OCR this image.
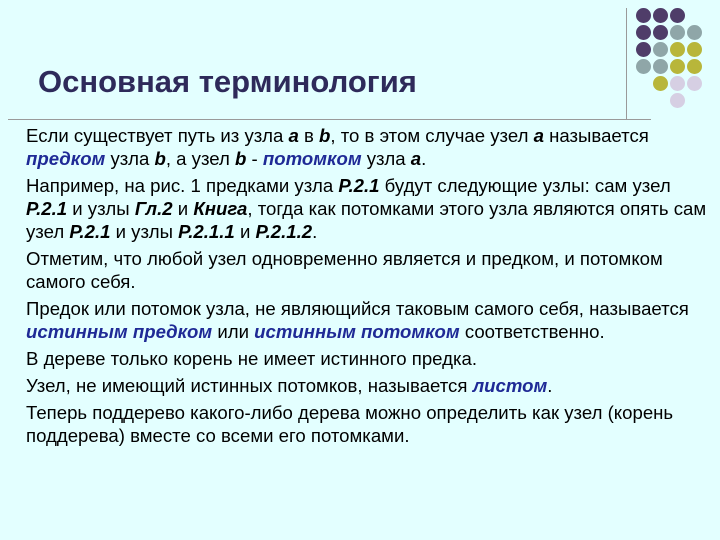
Основная терминология

Если существует путь из узла a в b, то в этом случае узел a называется предком узла b, а узел b - потомком узла a.

Например, на рис. 1 предками узла Р.2.1 будут следующие узлы: сам узел Р.2.1 и узлы Гл.2 и Книга, тогда как потомками этого узла являются опять сам узел Р.2.1 и узлы Р.2.1.1 и Р.2.1.2.

Отметим, что любой узел одновременно является и предком, и потомком самого себя.

Предок или потомок узла, не являющийся таковым самого себя, называется истинным предком или истинным потомком соответственно.

В дереве только корень не имеет истинного предка.

Узел, не имеющий истинных потомков, называется листом.

Теперь поддерево какого-либо дерева можно определить как узел (корень поддерева) вместе со всеми его потомками.
